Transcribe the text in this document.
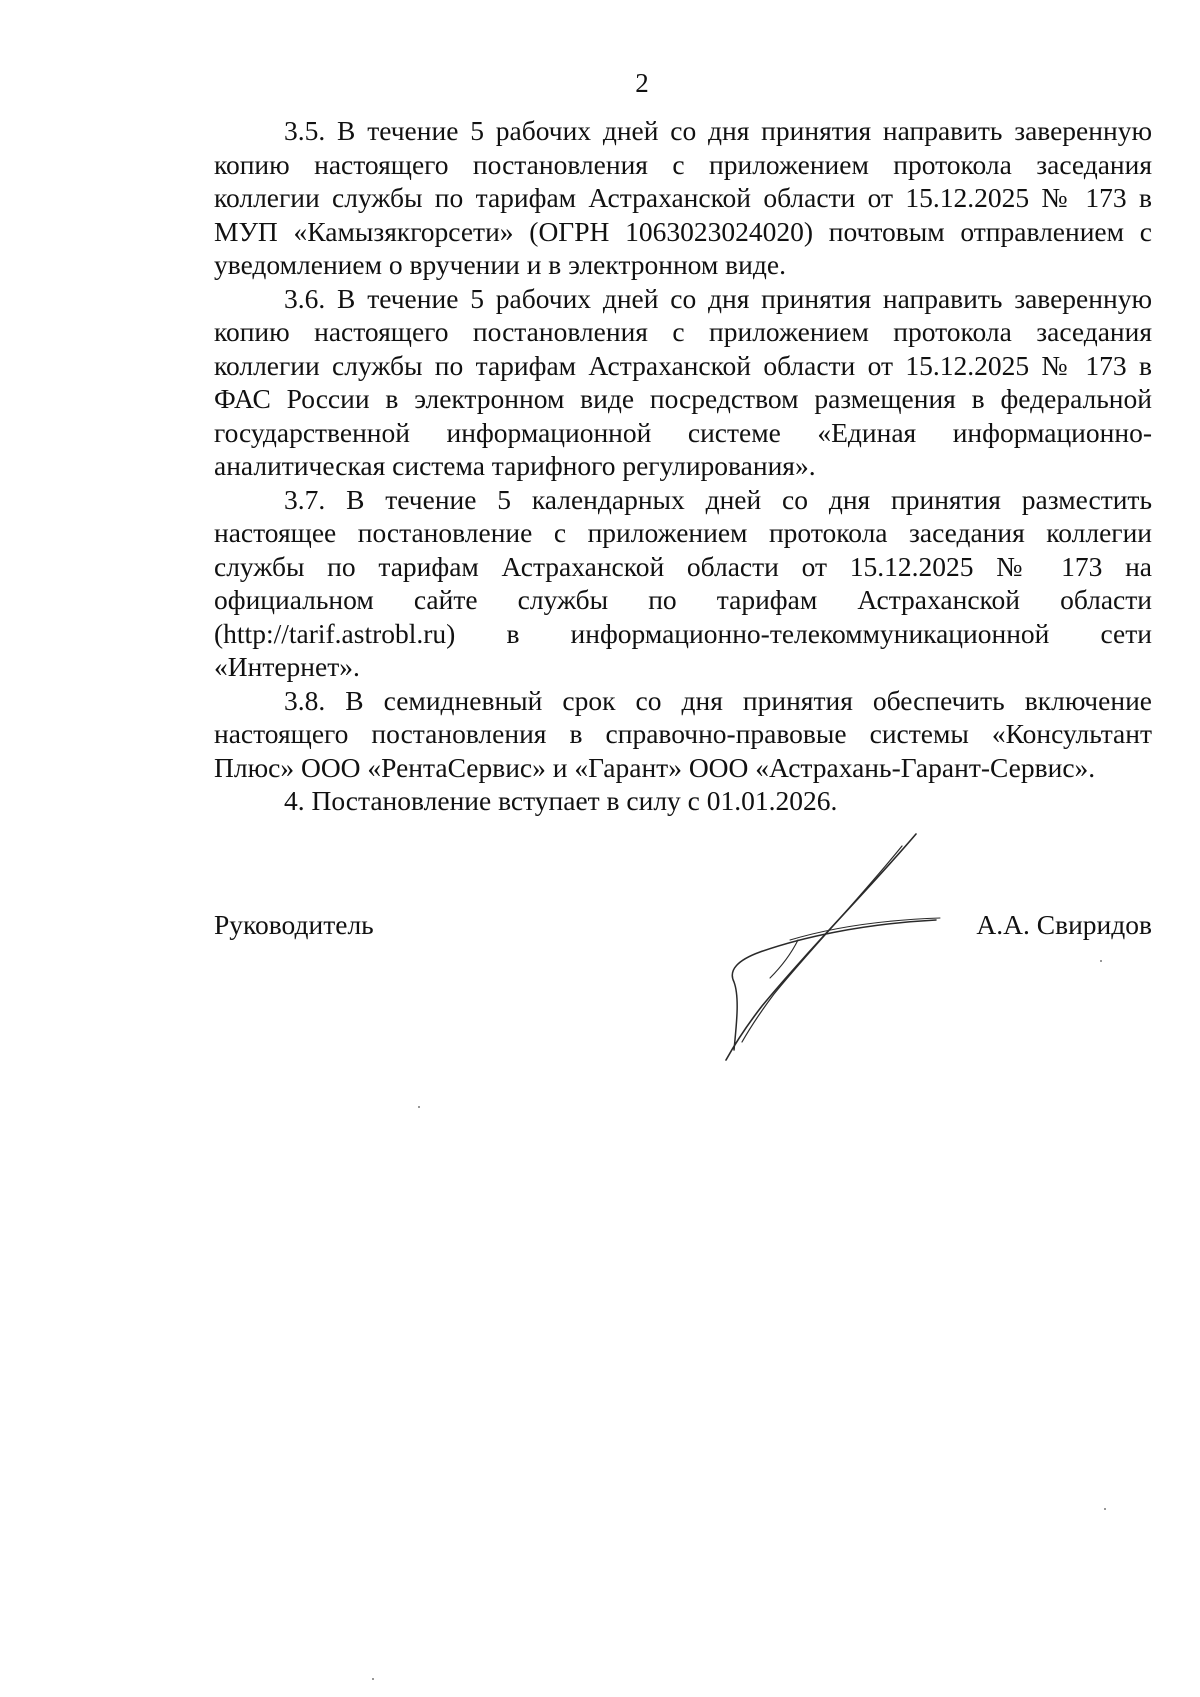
2

3.5. В течение 5 рабочих дней со дня принятия направить заверенную копию настоящего постановления с приложением протокола заседания коллегии службы по тарифам Астраханской области от 15.12.2025 № 173 в МУП «Камызякгорсети» (ОГРН 1063023024020) почтовым отправлением с уведомлением о вручении и в электронном виде.

3.6. В течение 5 рабочих дней со дня принятия направить заверенную копию настоящего постановления с приложением протокола заседания коллегии службы по тарифам Астраханской области от 15.12.2025 № 173 в ФАС России в электронном виде посредством размещения в федеральной государственной информационной системе «Единая информационно-аналитическая система тарифного регулирования».

3.7. В течение 5 календарных дней со дня принятия разместить настоящее постановление с приложением протокола заседания коллегии службы по тарифам Астраханской области от 15.12.2025 № 173 на официальном сайте службы по тарифам Астраханской области (http://tarif.astrobl.ru) в информационно-телекоммуникационной сети «Интернет».

3.8. В семидневный срок со дня принятия обеспечить включение настоящего постановления в справочно-правовые системы «Консультант Плюс» ООО «РентаСервис» и «Гарант» ООО «Астрахань-Гарант-Сервис».

4. Постановление вступает в силу с 01.01.2026.

Руководитель	А.А. Свиридов
